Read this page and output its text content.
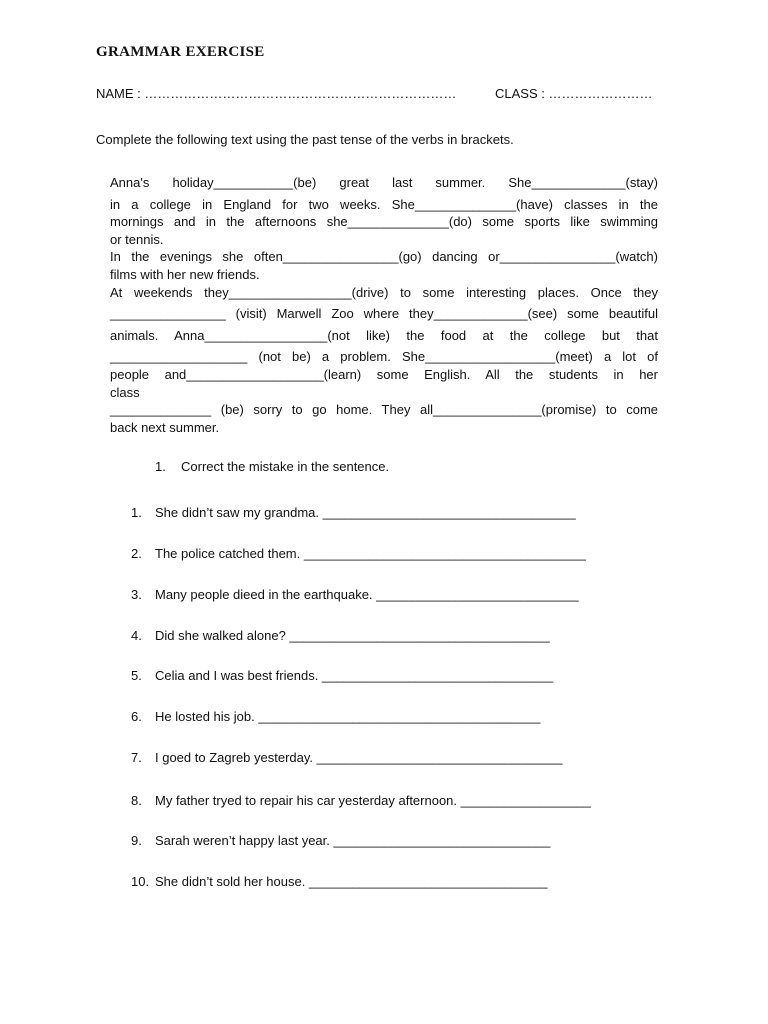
GRAMMAR EXERCISE
NAME : ………………………………………………………………	CLASS : ……………………
Complete the following text using the past tense of the verbs in brackets.
Anna's holiday___________(be) great last summer. She_____________(stay)
in a college in England for two weeks. She______________(have) classes in the
mornings and in the afternoons she______________(do) some sports like swimming
or tennis.
In the evenings she often________________(go) dancing or________________(watch)
films with her new friends.
At weekends they_________________(drive) to some interesting places. Once they
________________ (visit) Marwell Zoo where they_____________(see) some beautiful
animals. Anna_________________(not like) the food at the college but that
___________________ (not be) a problem. She__________________(meet) a lot of
people and___________________(learn) some English. All the students in her
class
______________ (be) sorry to go home. They all_______________(promise) to come
back next summer.
1. Correct the mistake in the sentence.
1. She didn’t saw my grandma. ___________________________________
2. The police catched them. _______________________________________
3. Many people dieed in the earthquake. ____________________________
4. Did she walked alone? ____________________________________
5. Celia and I was best friends. ________________________________
6. He losted his job. _______________________________________
7. I goed to Zagreb yesterday. __________________________________
8. My father tryed to repair his car yesterday afternoon. __________________
9. Sarah weren’t happy last year. ______________________________
10. She didn’t sold her house. _________________________________
